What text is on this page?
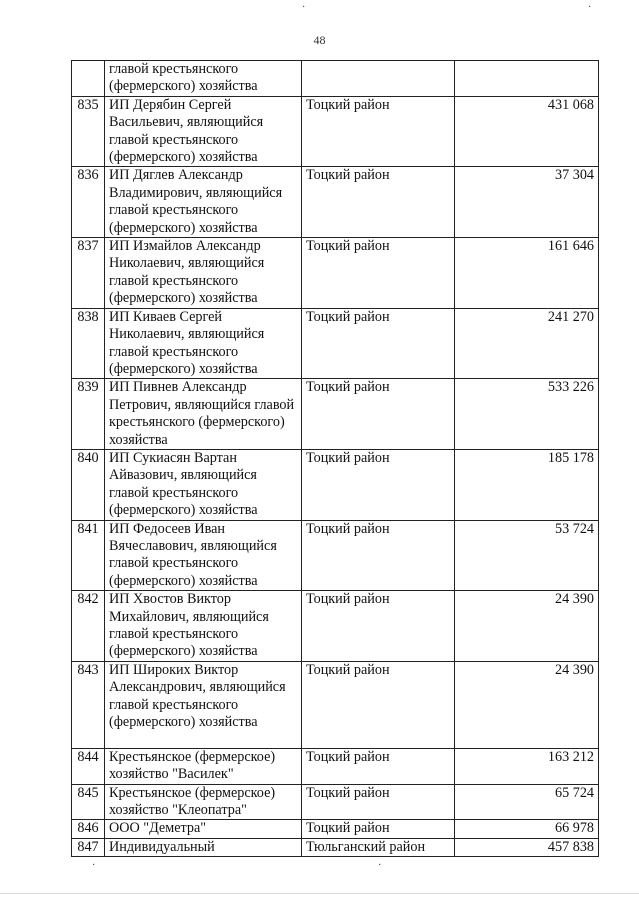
48
·	·
	главой крестьянского (фермерского) хозяйства		
835	ИП Дерябин Сергей Васильевич, являющийся главой крестьянского (фермерского) хозяйства	Тоцкий район	431 068
836	ИП Дяглев Александр Владимирович, являющийся главой крестьянского (фермерского) хозяйства	Тоцкий район	37 304
837	ИП Измайлов Александр Николаевич, являющийся главой крестьянского (фермерского) хозяйства	Тоцкий район	161 646
838	ИП Киваев Сергей Николаевич, являющийся главой крестьянского (фермерского) хозяйства	Тоцкий район	241 270
839	ИП Пивнев Александр Петрович, являющийся главой крестьянского (фермерского) хозяйства	Тоцкий район	533 226
840	ИП Сукиасян Вартан Айвазович, являющийся главой крестьянского (фермерского) хозяйства	Тоцкий район	185 178
841	ИП Федосеев Иван Вячеславович, являющийся главой крестьянского (фермерского) хозяйства	Тоцкий район	53 724
842	ИП Хвостов Виктор Михайлович, являющийся главой крестьянского (фермерского) хозяйства	Тоцкий район	24 390
843	ИП Широких Виктор Александрович, являющийся главой крестьянского (фермерского) хозяйства	Тоцкий район	24 390
844	Крестьянское (фермерское) хозяйство "Василек"	Тоцкий район	163 212
845	Крестьянское (фермерское) хозяйство "Клеопатра"	Тоцкий район	65 724
846	ООО "Деметра"	Тоцкий район	66 978
847	Индивидуальный	Тюльганский район	457 838
·	·
